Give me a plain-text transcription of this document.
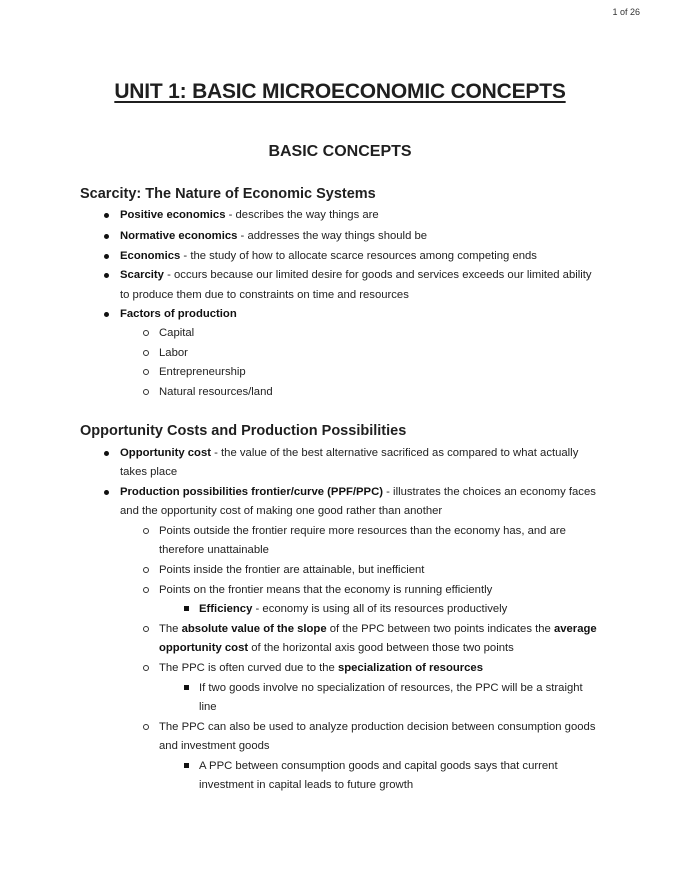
1 of 26
UNIT 1: BASIC MICROECONOMIC CONCEPTS
BASIC CONCEPTS
Scarcity: The Nature of Economic Systems
Positive economics - describes the way things are
Normative economics - addresses the way things should be
Economics - the study of how to allocate scarce resources among competing ends
Scarcity - occurs because our limited desire for goods and services exceeds our limited ability
to produce them due to constraints on time and resources
Factors of production
Capital
Labor
Entrepreneurship
Natural resources/land
Opportunity Costs and Production Possibilities
Opportunity cost - the value of the best alternative sacrificed as compared to what actually
takes place
Production possibilities frontier/curve (PPF/PPC) - illustrates the choices an economy faces
and the opportunity cost of making one good rather than another
Points outside the frontier require more resources than the economy has, and are
therefore unattainable
Points inside the frontier are attainable, but inefficient
Points on the frontier means that the economy is running efficiently
Efficiency - economy is using all of its resources productively
The absolute value of the slope of the PPC between two points indicates the average
opportunity cost of the horizontal axis good between those two points
The PPC is often curved due to the specialization of resources
If two goods involve no specialization of resources, the PPC will be a straight
line
The PPC can also be used to analyze production decision between consumption goods
and investment goods
A PPC between consumption goods and capital goods says that current
investment in capital leads to future growth
